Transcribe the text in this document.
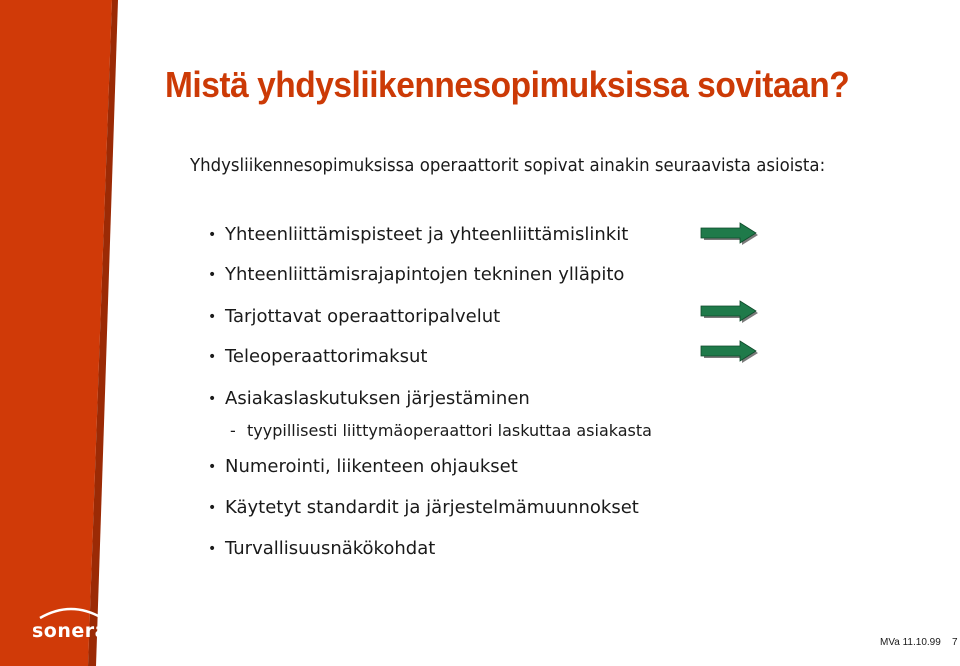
sonera
Mistä yhdysliikennesopimuksissa sovitaan?
Yhdysliikennesopimuksissa operaattorit sopivat ainakin seuraavista asioista:
• Yhteenliittämispisteet ja yhteenliittämislinkit
• Yhteenliittämisrajapintojen tekninen ylläpito
• Tarjottavat operaattoripalvelut
• Teleoperaattorimaksut
• Asiakaslaskutuksen järjestäminen
- tyypillisesti liittymäoperaattori laskuttaa asiakasta
• Numerointi, liikenteen ohjaukset
• Käytetyt standardit ja järjestelmämuunnokset
• Turvallisuusnäkökohdat
MVa 11.10.99 7
